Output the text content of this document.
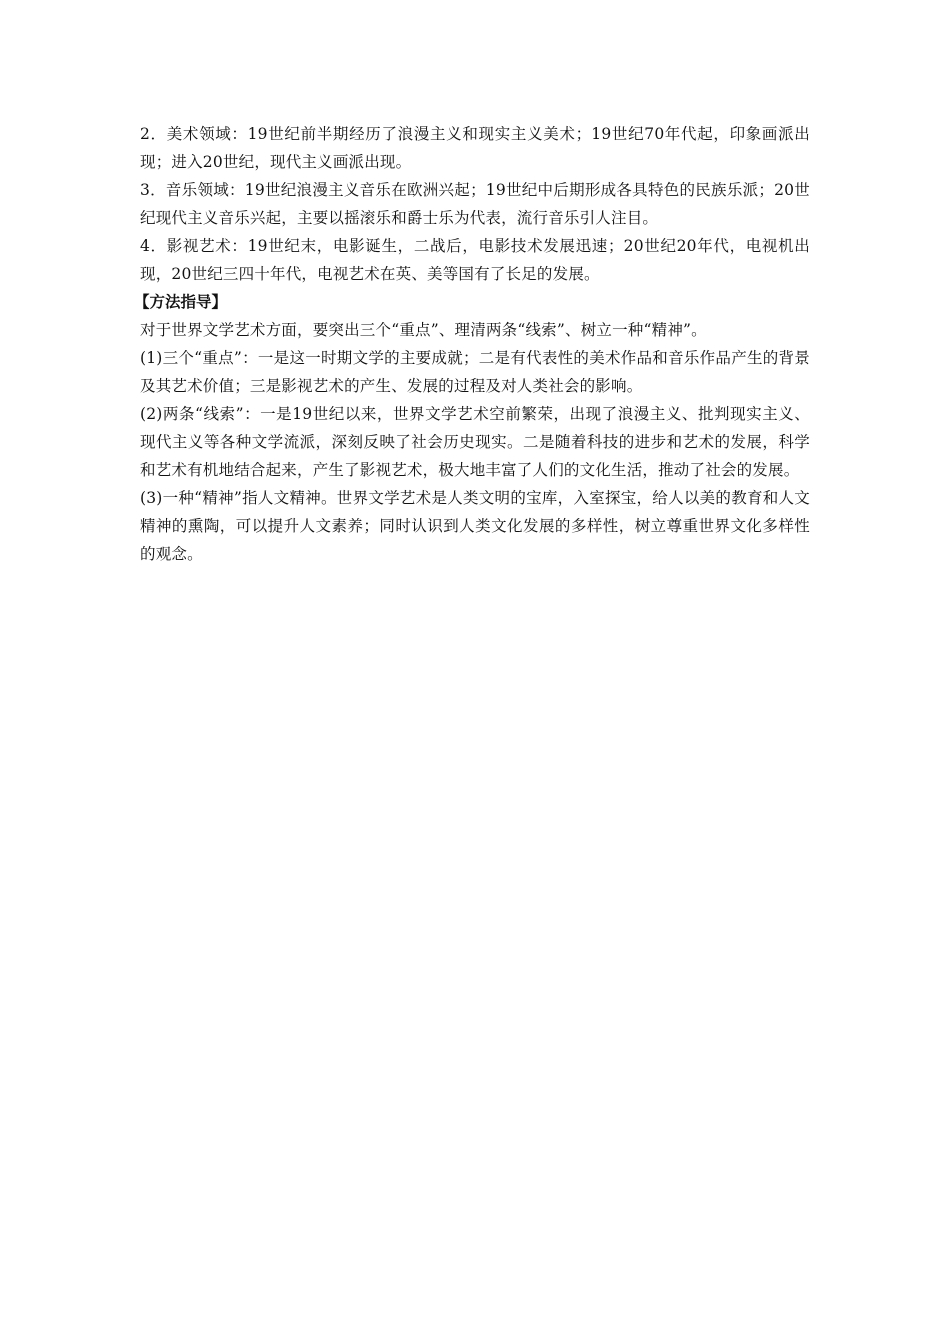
2．美术领域：19世纪前半期经历了浪漫主义和现实主义美术；19世纪70年代起，印象画派出现；进入20世纪，现代主义画派出现。

3．音乐领域：19世纪浪漫主义音乐在欧洲兴起；19世纪中后期形成各具特色的民族乐派；20世纪现代主义音乐兴起，主要以摇滚乐和爵士乐为代表，流行音乐引人注目。

4．影视艺术：19世纪末，电影诞生，二战后，电影技术发展迅速；20世纪20年代，电视机出现，20世纪三四十年代，电视艺术在英、美等国有了长足的发展。

【方法指导】

对于世界文学艺术方面，要突出三个“重点”、理清两条“线索”、树立一种“精神”。

(1)三个“重点”：一是这一时期文学的主要成就；二是有代表性的美术作品和音乐作品产生的背景及其艺术价值；三是影视艺术的产生、发展的过程及对人类社会的影响。

(2)两条“线索”：一是19世纪以来，世界文学艺术空前繁荣，出现了浪漫主义、批判现实主义、现代主义等各种文学流派，深刻反映了社会历史现实。二是随着科技的进步和艺术的发展，科学和艺术有机地结合起来，产生了影视艺术，极大地丰富了人们的文化生活，推动了社会的发展。

(3)一种“精神”指人文精神。世界文学艺术是人类文明的宝库，入室探宝，给人以美的教育和人文精神的熏陶，可以提升人文素养；同时认识到人类文化发展的多样性，树立尊重世界文化多样性的观念。
